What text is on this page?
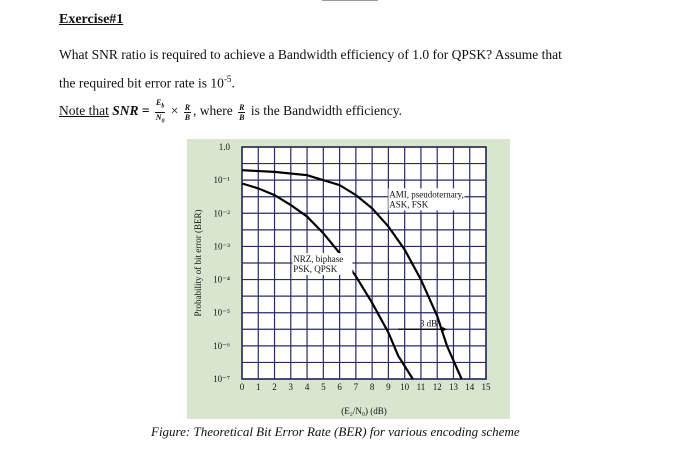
Exercise#1
What SNR ratio is required to achieve a Bandwidth efficiency of 1.0 for QPSK? Assume that
the required bit error rate is $10^{-5}$.
Note that SNR = $\frac{E_b}{N_0} \times \frac{R}{B}$ , where $\frac{R}{B}$ is the Bandwidth efficiency.
0 1 2 3 4 5 6 7 8 9 10 11 12 13 14 15
1.0
10⁻¹
10⁻²
10⁻³
10⁻⁴
10⁻⁵
10⁻⁶
10⁻⁷
(E₂/N₀) (dB)
Probability of bit error (BER)
AMI, pseudoternary,
ASK, FSK
NRZ, biphase
PSK, QPSK
3 dB
Figure: Theoretical Bit Error Rate (BER) for various encoding scheme
